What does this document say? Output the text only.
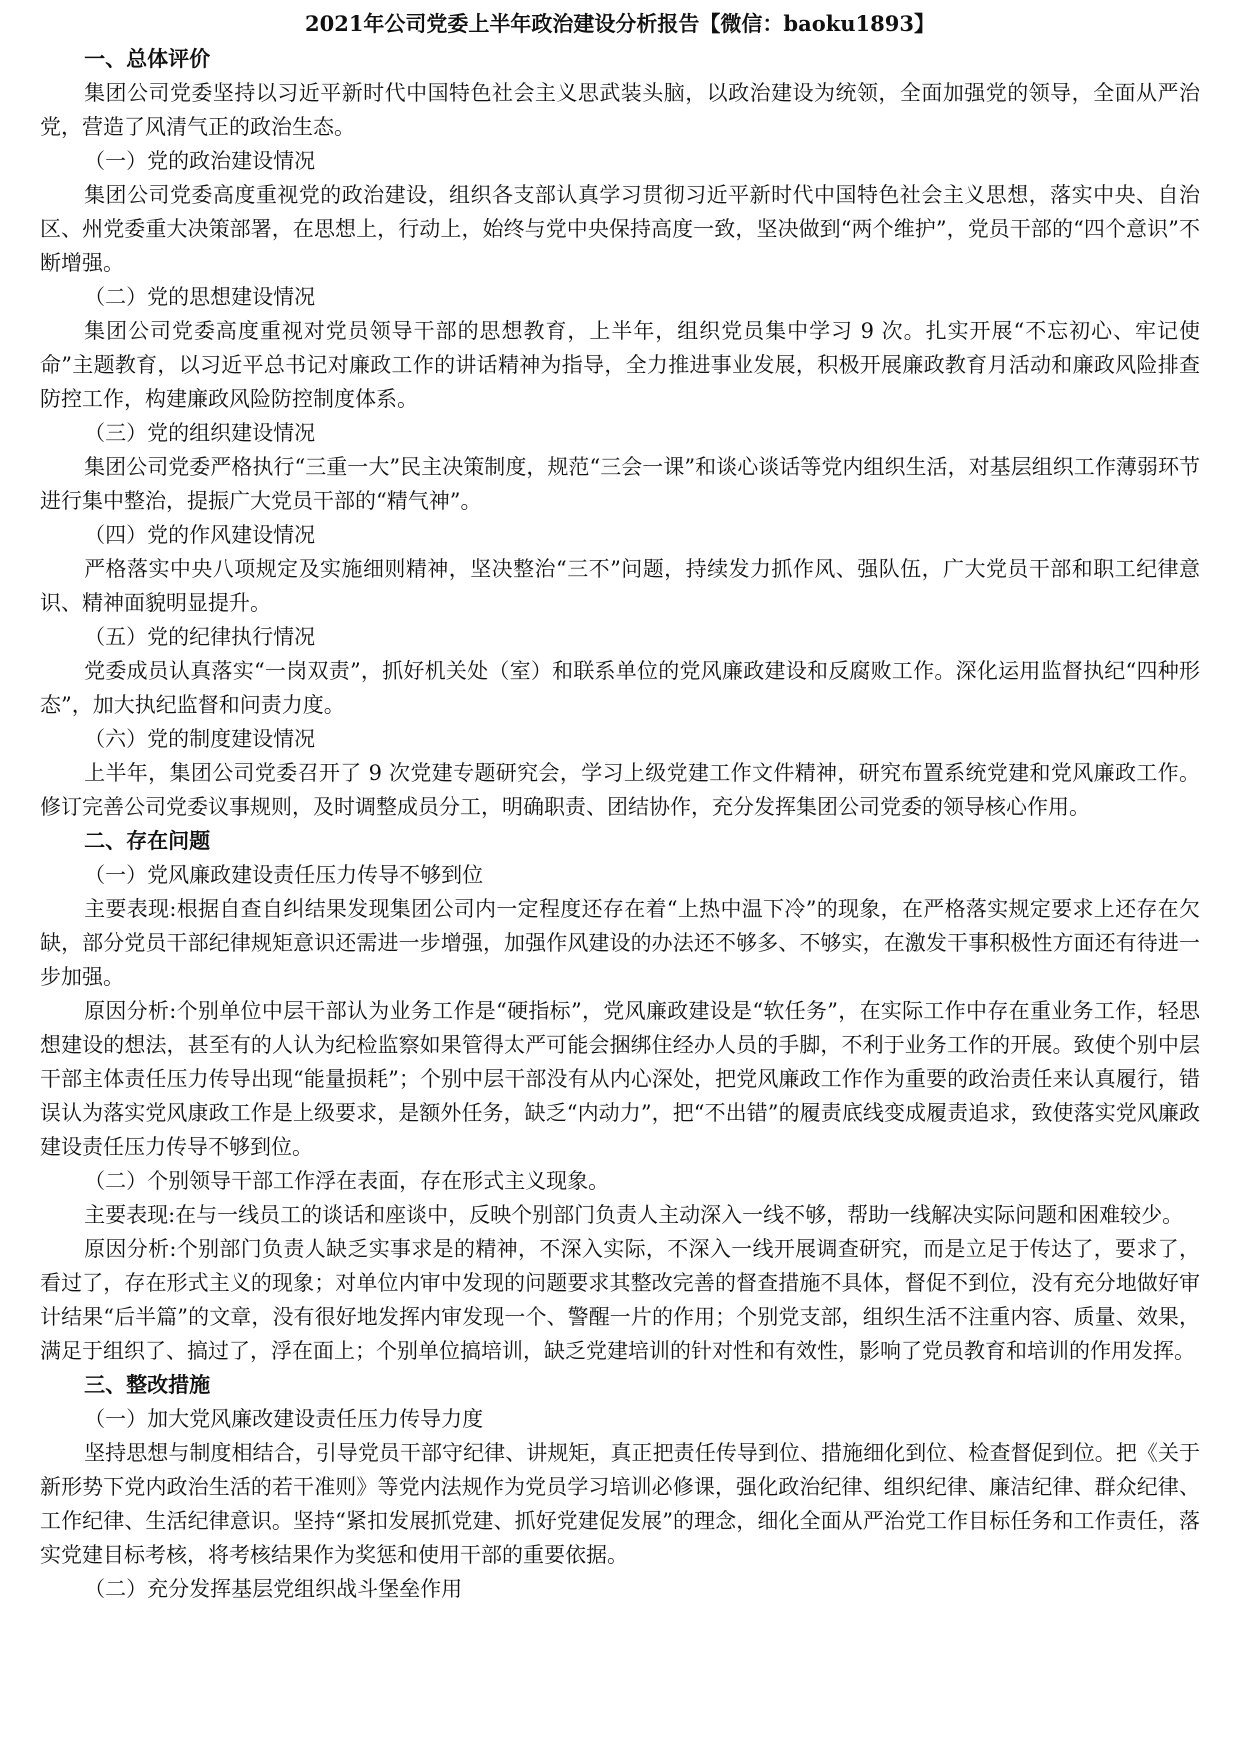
2021年公司党委上半年政治建设分析报告【微信：baoku1893】

一、总体评价

集团公司党委坚持以习近平新时代中国特色社会主义思武装头脑，以政治建设为统领，全面加强党的领导，全面从严治党，营造了风清气正的政治生态。

（一）党的政治建设情况

集团公司党委高度重视党的政治建设，组织各支部认真学习贯彻习近平新时代中国特色社会主义思想，落实中央、自治区、州党委重大决策部署，在思想上，行动上，始终与党中央保持高度一致，坚决做到“两个维护”，党员干部的“四个意识”不断增强。

（二）党的思想建设情况

集团公司党委高度重视对党员领导干部的思想教育，上半年，组织党员集中学习 9 次。扎实开展“不忘初心、牢记使命”主题教育，以习近平总书记对廉政工作的讲话精神为指导，全力推进事业发展，积极开展廉政教育月活动和廉政风险排查防控工作，构建廉政风险防控制度体系。

（三）党的组织建设情况

集团公司党委严格执行“三重一大”民主决策制度，规范“三会一课”和谈心谈话等党内组织生活，对基层组织工作薄弱环节进行集中整治，提振广大党员干部的“精气神”。

（四）党的作风建设情况

严格落实中央八项规定及实施细则精神，坚决整治“三不”问题，持续发力抓作风、强队伍，广大党员干部和职工纪律意识、精神面貌明显提升。

（五）党的纪律执行情况

党委成员认真落实“一岗双责”，抓好机关处（室）和联系单位的党风廉政建设和反腐败工作。深化运用监督执纪“四种形态”，加大执纪监督和问责力度。

（六）党的制度建设情况

上半年，集团公司党委召开了 9 次党建专题研究会，学习上级党建工作文件精神，研究布置系统党建和党风廉政工作。修订完善公司党委议事规则，及时调整成员分工，明确职责、团结协作，充分发挥集团公司党委的领导核心作用。

二、存在问题

（一）党风廉政建设责任压力传导不够到位

主要表现:根据自查自纠结果发现集团公司内一定程度还存在着“上热中温下冷”的现象，在严格落实规定要求上还存在欠缺，部分党员干部纪律规矩意识还需进一步增强，加强作风建设的办法还不够多、不够实，在激发干事积极性方面还有待进一步加强。

原因分析:个别单位中层干部认为业务工作是“硬指标”，党风廉政建设是“软任务”，在实际工作中存在重业务工作，轻思想建设的想法，甚至有的人认为纪检监察如果管得太严可能会捆绑住经办人员的手脚，不利于业务工作的开展。致使个别中层干部主体责任压力传导出现“能量损耗”；个别中层干部没有从内心深处，把党风廉政工作作为重要的政治责任来认真履行，错误认为落实党风康政工作是上级要求，是额外任务，缺乏“内动力”，把“不出错”的履责底线变成履责追求，致使落实党风廉政建设责任压力传导不够到位。

（二）个别领导干部工作浮在表面，存在形式主义现象。

主要表现:在与一线员工的谈话和座谈中，反映个别部门负责人主动深入一线不够，帮助一线解决实际问题和困难较少。

原因分析:个别部门负责人缺乏实事求是的精神，不深入实际，不深入一线开展调查研究，而是立足于传达了，要求了，看过了，存在形式主义的现象；对单位内审中发现的问题要求其整改完善的督查措施不具体，督促不到位，没有充分地做好审计结果“后半篇”的文章，没有很好地发挥内审发现一个、警醒一片的作用；个别党支部，组织生活不注重内容、质量、效果，满足于组织了、搞过了，浮在面上；个别单位搞培训，缺乏党建培训的针对性和有效性，影响了党员教育和培训的作用发挥。

三、整改措施

（一）加大党风廉改建设责任压力传导力度

坚持思想与制度相结合，引导党员干部守纪律、讲规矩，真正把责任传导到位、措施细化到位、检查督促到位。把《关于新形势下党内政治生活的若干准则》等党内法规作为党员学习培训必修课，强化政治纪律、组织纪律、廉洁纪律、群众纪律、工作纪律、生活纪律意识。坚持“紧扣发展抓党建、抓好党建促发展”的理念，细化全面从严治党工作目标任务和工作责任，落实党建目标考核，将考核结果作为奖惩和使用干部的重要依据。

（二）充分发挥基层党组织战斗堡垒作用
